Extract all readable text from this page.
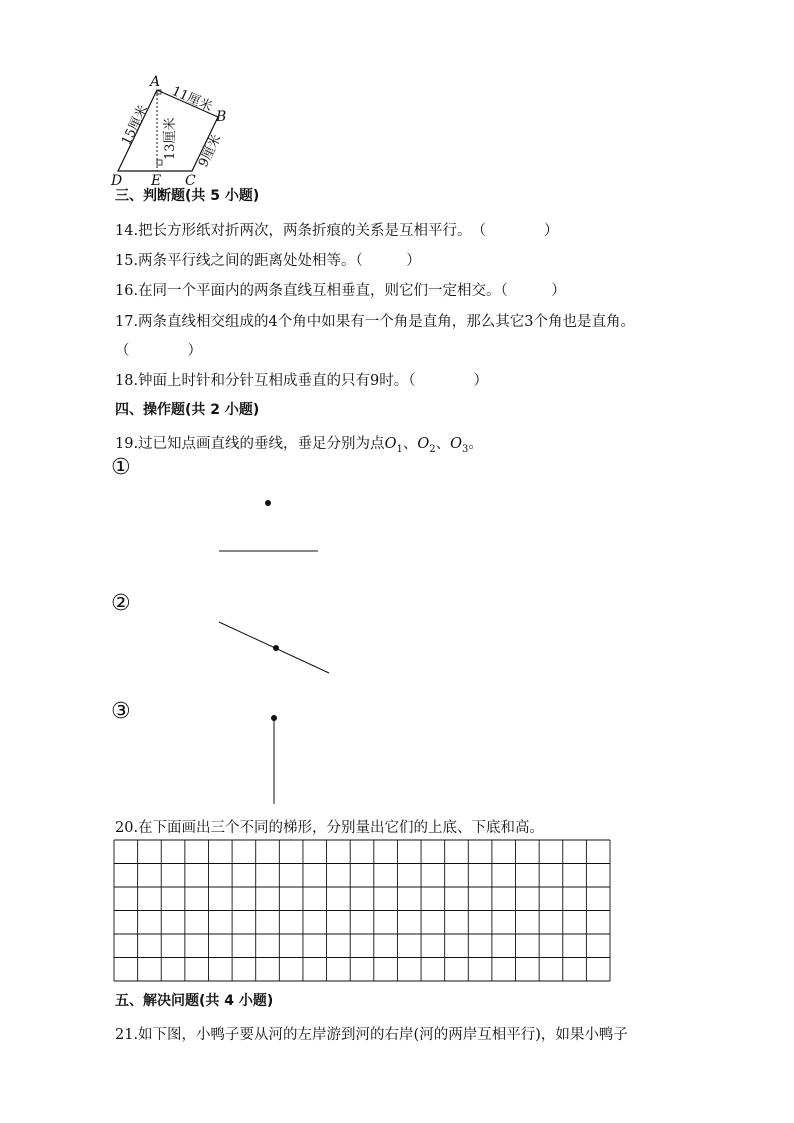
A
B
C
D E
15厘米
11厘米
13厘米 9厘米
三、判断题(共 5 小题)
14.把长方形纸对折两次，两条折痕的关系是互相平行。　（　　　　）
15.两条平行线之间的距离处处相等。（　　　）
16.在同一个平面内的两条直线互相垂直，则它们一定相交。（　　　）
17.两条直线相交组成的4个角中如果有一个角是直角，那么其它3个角也是直角。
（　　　　）
18.钟面上时针和分针互相成垂直的只有9时。（　　　　）
四、操作题(共 2 小题)
19.过已知点画直线的垂线，垂足分别为点$O_1$、$O_2$、$O_3$。
①
②
③
20.在下面画出三个不同的梯形，分别量出它们的上底、下底和高。
五、解决问题(共 4 小题)
21.如下图，小鸭子要从河的左岸游到河的右岸(河的两岸互相平行)，如果小鸭子
